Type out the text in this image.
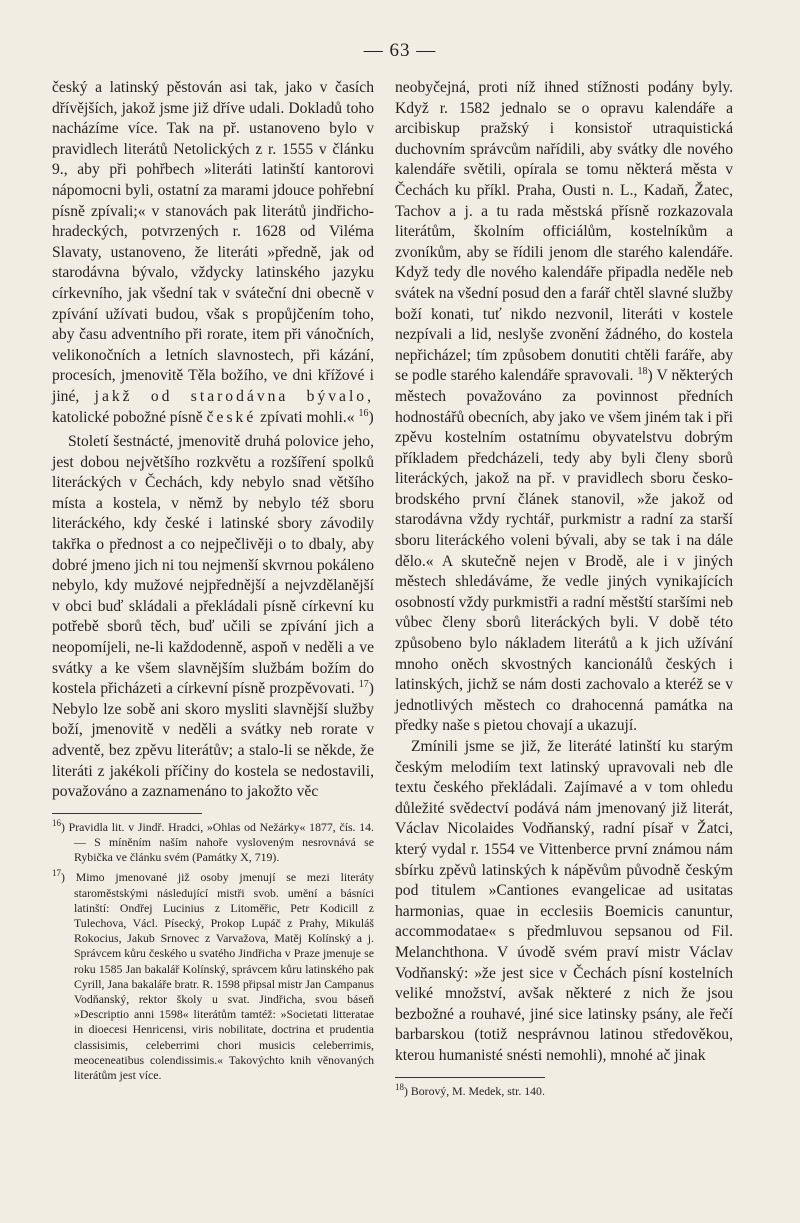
— 63 —

český a latinský pěstován asi tak, jako v časích dřívějších, jakož jsme již dříve udali. Dokladů toho nacházíme více. Tak na př. ustanoveno bylo v pravidlech literátů Netolických z r. 1555 v článku 9., aby při pohřbech »literáti latinští kantorovi nápomocni byli, ostatní za marami jdouce pohřební písně zpívali;« v stanovách pak literátů jindřicho-hradeckých, potvrzených r. 1628 od Viléma Slavaty, ustanoveno, že literáti »předně, jak od starodávna bývalo, vždycky latinského jazyku církevního, jak všední tak v sváteční dni obecně v zpívání užívati budou, však s propůjčením toho, aby času adventního při rorate, item při vánočních, velikonočních a letních slavnostech, při kázání, procesích, jmenovitě Těla božího, ve dni křížové i jiné, jakž od starodávna bývalo, katolické pobožné písně české zpívati mohli.« $^{16}$)

Století šestnácté, jmenovitě druhá polovice jeho, jest dobou největšího rozkvětu a rozšíření spolků literáckých v Čechách, kdy nebylo snad většího místa a kostela, v němž by nebylo též sboru literáckého, kdy české i latinské sbory závodily takřka o přednost a co nejpečlivěji o to dbaly, aby dobré jmeno jich ni tou nejmenší skvrnou pokáleno nebylo, kdy mužové nejpřednější a nejvzdělanější v obci buď skládali a překládali písně církevní ku potřebě sborů těch, buď učili se zpívání jich a neopomíjeli, ne-li každodenně, aspoň v neděli a ve svátky a ke všem slavnějším službám božím do kostela přicházeti a církevní písně prozpěvovati. $^{17}$) Nebylo lze sobě ani skoro mysliti slavnější služby boží, jmenovitě v neděli a svátky neb rorate v adventě, bez zpěvu literátův; a stalo-li se někde, že literáti z jakékoli příčiny do kostela se nedostavili, považováno a zaznamenáno to jakožto věc

$^{16}$) Pravidla lit. v Jindř. Hradci, »Ohlas od Nežárky« 1877, čís. 14. — S míněním naším nahoře vysloveným nesrovnává se Rybička ve článku svém (Památky X, 719).

$^{17}$) Mimo jmenované již osoby jmenují se mezi literáty staroměstskými následující mistři svob. umění a básníci latinští: Ondřej Lucinius z Litoměřic, Petr Kodicill z Tulechova, Václ. Písecký, Prokop Lupáč z Prahy, Mikuláš Rokocius, Jakub Srnovec z Varvažova, Matěj Kolínský a j. Správcem kůru českého u svatého Jindřicha v Praze jmenuje se roku 1585 Jan bakalář Kolínský, správcem kůru latinského pak Cyrill, Jana bakaláře bratr. R. 1598 připsal mistr Jan Campanus Vodňanský, rektor školy u svat. Jindřicha, svou báseň »Descriptio anni 1598« literátům tamtéž: »Societati litteratae in dioecesi Henricensi, viris nobilitate, doctrina et prudentia classisimis, celeberrimi chori musicis celeberrimis, meoceneatibus colendissimis.« Takovýchto knih věnovaných literátům jest více.

neobyčejná, proti níž ihned stížnosti podány byly. Když r. 1582 jednalo se o opravu kalendáře a arcibiskup pražský i konsistoř utraquistická duchovním správcům nařídili, aby svátky dle nového kalendáře světili, opírala se tomu některá města v Čechách ku příkl. Praha, Ousti n. L., Kadaň, Žatec, Tachov a j. a tu rada městská přísně rozkazovala literátům, školním officiálům, kostelníkům a zvoníkům, aby se řídili jenom dle starého kalendáře. Když tedy dle nového kalendáře připadla neděle neb svátek na všední posud den a farář chtěl slavné služby boží konati, tuť nikdo nezvonil, literáti v kostele nezpívali a lid, neslyše zvonění žádného, do kostela nepřicházel; tím způsobem donutiti chtěli faráře, aby se podle starého kalendáře spravovali. $^{18}$) V některých městech považováno za povinnost předních hodnostářů obecních, aby jako ve všem jiném tak i při zpěvu kostelním ostatnímu obyvatelstvu dobrým příkladem předcházeli, tedy aby byli členy sborů literáckých, jakož na př. v pravidlech sboru česko-brodského první článek stanovil, »že jakož od starodávna vždy rychtář, purkmistr a radní za starší sboru literáckého voleni bývali, aby se tak i na dále dělo.« A skutečně nejen v Brodě, ale i v jiných městech shledáváme, že vedle jiných vynikajících osobností vždy purkmistři a radní městští staršími neb vůbec členy sborů literáckých byli. V době této způsobeno bylo nákladem literátů a k jich užívání mnoho oněch skvostných kancionálů českých i latinských, jichž se nám dosti zachovalo a kteréž se v jednotlivých městech co drahocenná památka na předky naše s pietou chovají a ukazují.

Zmínili jsme se již, že literáté latinští ku starým českým melodiím text latinský upravovali neb dle textu českého překládali. Zajímavé a v tom ohledu důležité svědectví podává nám jmenovaný již literát, Václav Nicolaides Vodňanský, radní písař v Žatci, který vydal r. 1554 ve Vittenberce první známou nám sbírku zpěvů latinských k nápěvům původně českým pod titulem »Cantiones evangelicae ad usitatas harmonias, quae in ecclesiis Boemicis canuntur, accommodatae« s předmluvou sepsanou od Fil. Melanchthona. V úvodě svém praví mistr Václav Vodňanský: »že jest sice v Čechách písní kostelních veliké množství, avšak některé z nich že jsou bezbožné a rouhavé, jiné sice latinsky psány, ale řečí barbarskou (totiž nesprávnou latinou středověkou, kterou humanisté snésti nemohli), mnohé ač jinak

$^{18}$) Borový, M. Medek, str. 140.
